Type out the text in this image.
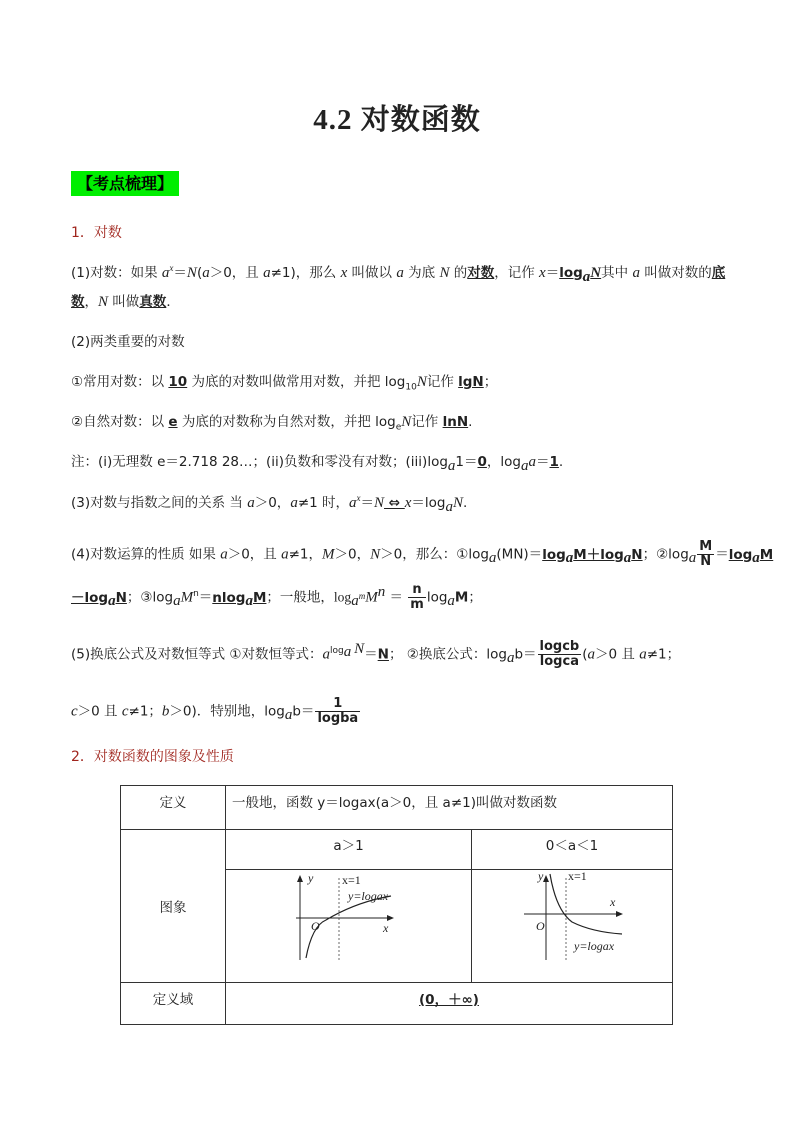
4.2 对数函数
【考点梳理】
1．对数
(1)对数：如果 $a^x=N(a>0$，且 a≠1)，那么 x 叫做以 a 为底 N 的对数，记作 $x=\log_aN$其中 a 叫做对数的底
数，N 叫做真数．
(2)两类重要的对数
①常用对数：以 10 为底的对数叫做常用对数，并把 $\log_{10}N$记作 lgN；
②自然对数：以 e 为底的对数称为自然对数，并把 $\log_eN$记作 lnN.
注：(i)无理数 e＝2.718 28…；(ii)负数和零没有对数；$(iii)\log_a1=0$，$\log_aa=1$.
(3)对数与指数之间的关系 当 a＞0，a≠1 时，$a^x=N$ ⇔ $x=\log_aN$.
(4)对数运算的性质 如果 a＞0，且 a≠1，M＞0，N＞0，那么：$①\log_a(MN)=\log_aM+\log_aN$；$②\log_a \frac{M}{N} =\log_aM$
$-\log_aN$；$③\log_aM^n=nlog_aM$；一般地，$\log_{a^m}M^n = \frac{n}{m} \log_aM$；
(5)换底公式及对数恒等式 ①对数恒等式：$a^{log_a N}=N$； ②换底公式：$\log_ab= \frac{\text{logcb}}{\text{logca}} (a>0$ 且 a≠1；
c＞0 且 c≠1；b＞0)．特别地，$\log_ab= \frac{1}{\text{logba}}$
2．对数函数的图象及性质
定义	一般地，函数 y＝logax(a＞0，且 a≠1)叫做对数函数	
图象	a＞1	0＜a＜1

y
x
O
x=1
y=logax	y
x
O
x=1
y=logax

定义域	(0，＋∞)	
